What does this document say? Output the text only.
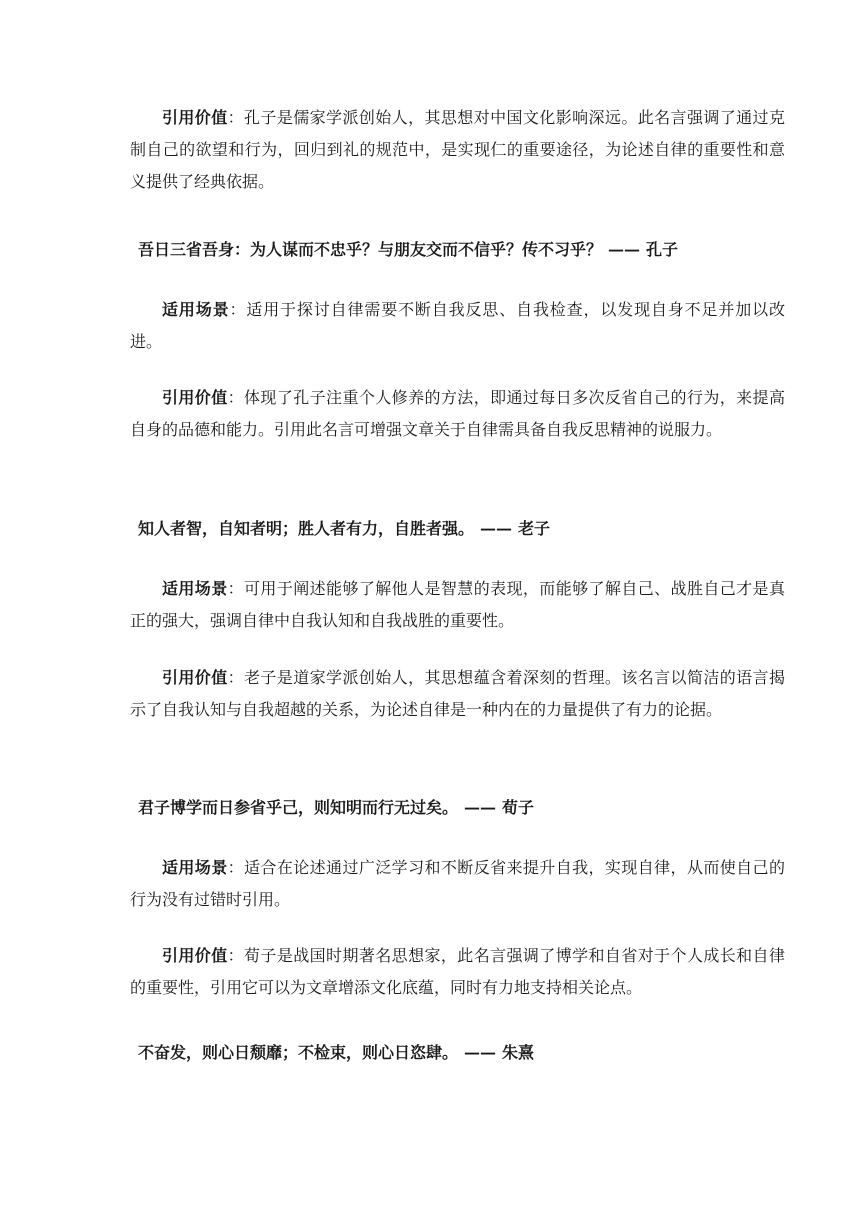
引用价值：孔子是儒家学派创始人，其思想对中国文化影响深远。此名言强调了通过克制自己的欲望和行为，回归到礼的规范中，是实现仁的重要途径，为论述自律的重要性和意义提供了经典依据。

吾日三省吾身：为人谋而不忠乎？与朋友交而不信乎？传不习乎？ —— 孔子

适用场景：适用于探讨自律需要不断自我反思、自我检查，以发现自身不足并加以改进。

引用价值：体现了孔子注重个人修养的方法，即通过每日多次反省自己的行为，来提高自身的品德和能力。引用此名言可增强文章关于自律需具备自我反思精神的说服力。

知人者智，自知者明；胜人者有力，自胜者强。 —— 老子

适用场景：可用于阐述能够了解他人是智慧的表现，而能够了解自己、战胜自己才是真正的强大，强调自律中自我认知和自我战胜的重要性。

引用价值：老子是道家学派创始人，其思想蕴含着深刻的哲理。该名言以简洁的语言揭示了自我认知与自我超越的关系，为论述自律是一种内在的力量提供了有力的论据。

君子博学而日参省乎己，则知明而行无过矣。 —— 荀子

适用场景：适合在论述通过广泛学习和不断反省来提升自我，实现自律，从而使自己的行为没有过错时引用。

引用价值：荀子是战国时期著名思想家，此名言强调了博学和自省对于个人成长和自律的重要性，引用它可以为文章增添文化底蕴，同时有力地支持相关论点。

不奋发，则心日颓靡；不检束，则心日恣肆。 —— 朱熹
